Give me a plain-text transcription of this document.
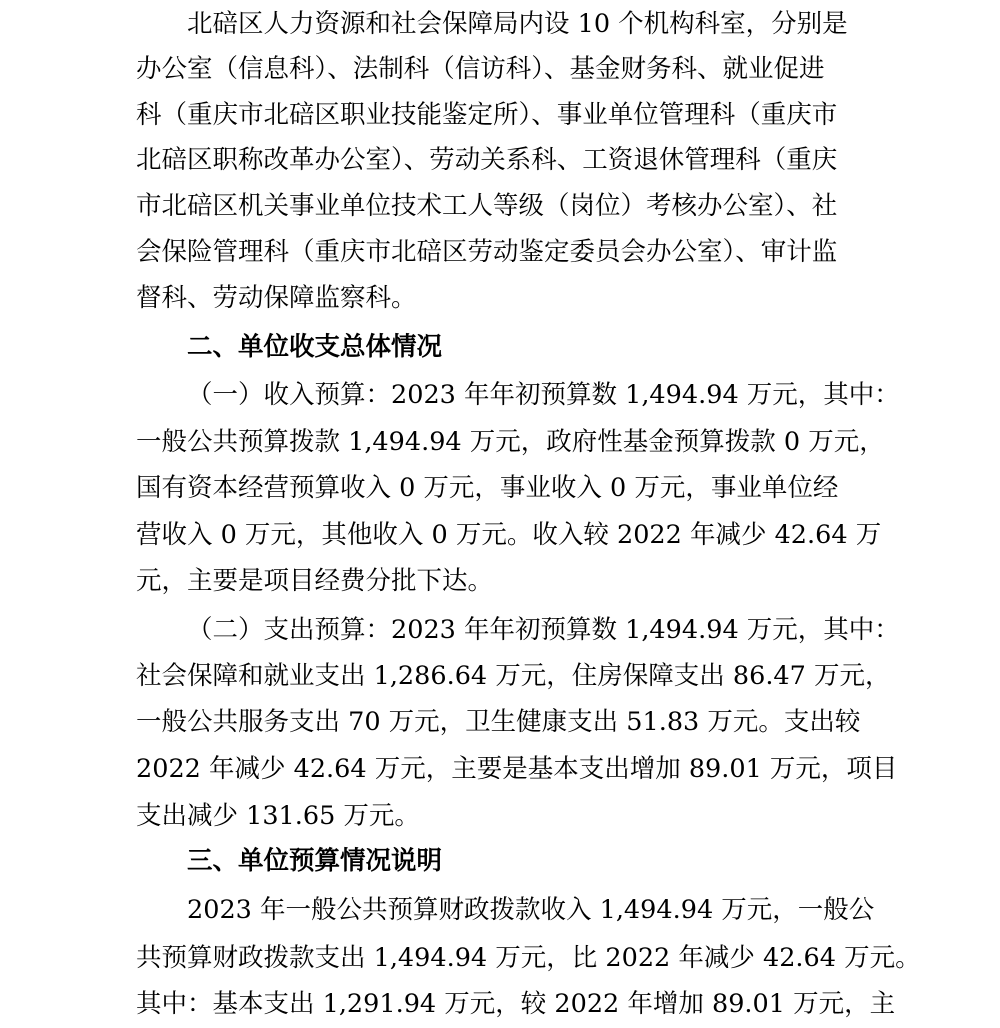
北碚区人力资源和社会保障局内设 10 个机构科室，分别是
办公室（信息科）、法制科（信访科）、基金财务科、就业促进
科（重庆市北碚区职业技能鉴定所）、事业单位管理科（重庆市
北碚区职称改革办公室）、劳动关系科、工资退休管理科（重庆
市北碚区机关事业单位技术工人等级（岗位）考核办公室）、社
会保险管理科（重庆市北碚区劳动鉴定委员会办公室）、审计监
督科、劳动保障监察科。
二、单位收支总体情况
（一）收入预算：2023 年年初预算数 1,494.94 万元，其中：
一般公共预算拨款 1,494.94 万元，政府性基金预算拨款 0 万元，
国有资本经营预算收入 0 万元，事业收入 0 万元，事业单位经
营收入 0 万元，其他收入 0 万元。收入较 2022 年减少 42.64 万
元，主要是项目经费分批下达。
（二）支出预算：2023 年年初预算数 1,494.94 万元，其中：
社会保障和就业支出 1,286.64 万元，住房保障支出 86.47 万元，
一般公共服务支出 70 万元，卫生健康支出 51.83 万元。支出较
2022 年减少 42.64 万元，主要是基本支出增加 89.01 万元，项目
支出减少 131.65 万元。
三、单位预算情况说明
2023 年一般公共预算财政拨款收入 1,494.94 万元，一般公
共预算财政拨款支出 1,494.94 万元，比 2022 年减少 42.64 万元。
其中：基本支出 1,291.94 万元，较 2022 年增加 89.01 万元，主
